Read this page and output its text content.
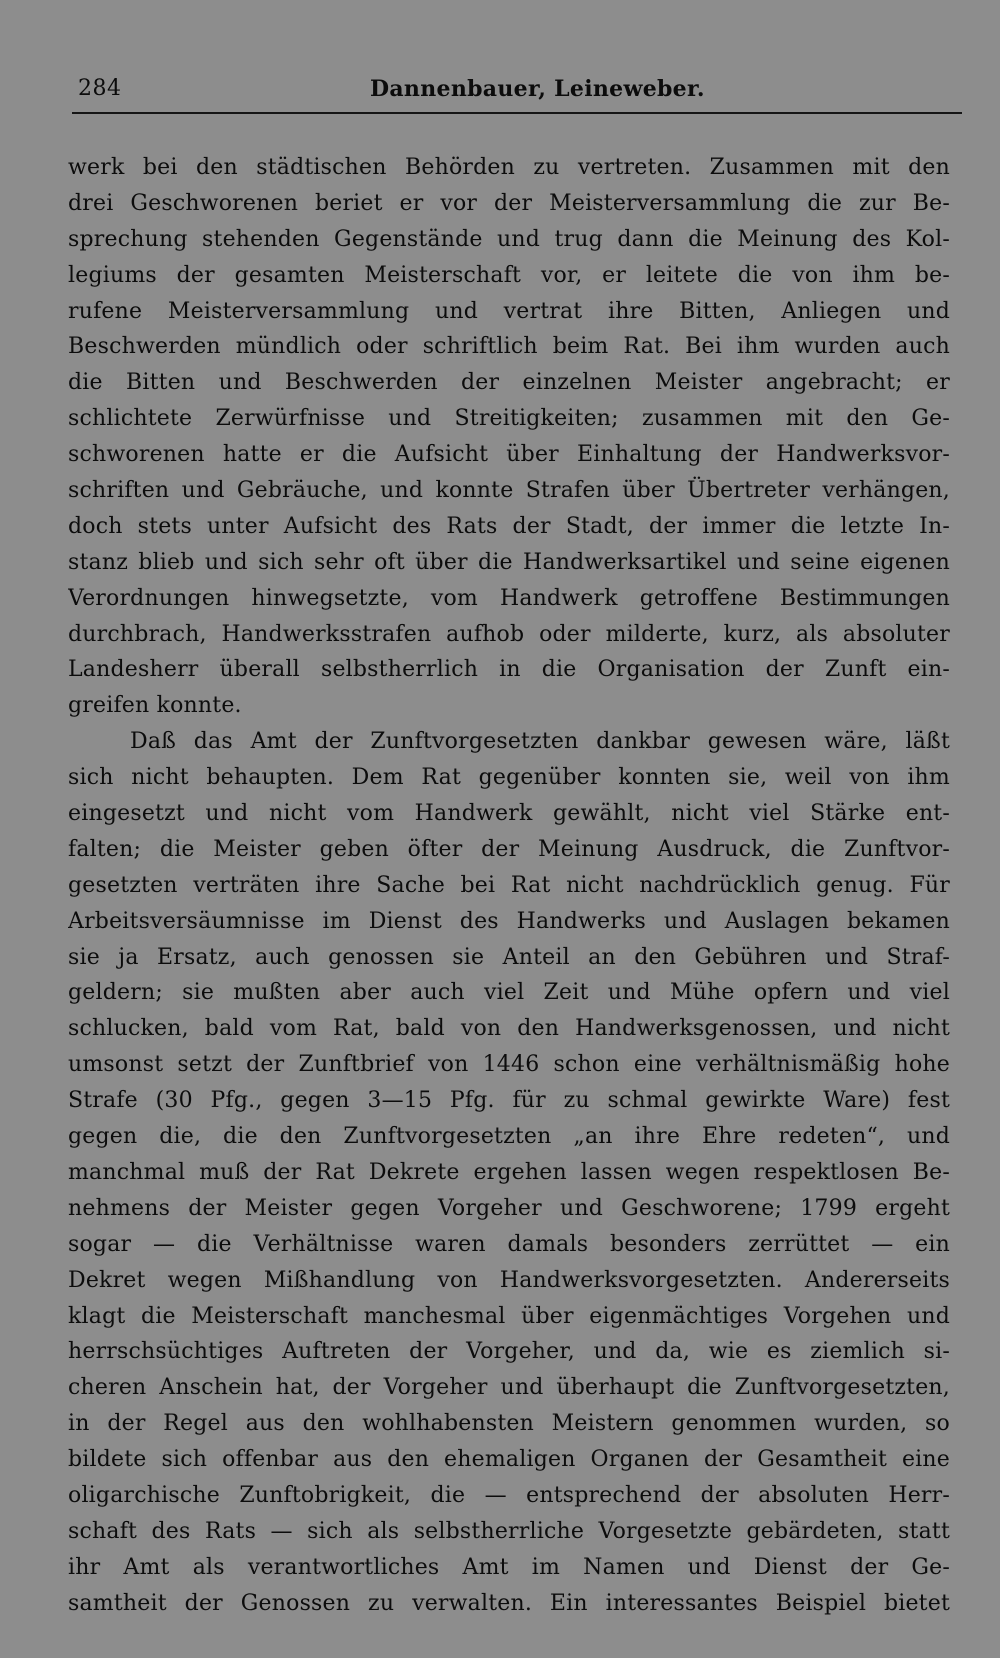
284	Dannenbauer, Leineweber.
werk bei den städtischen Behörden zu vertreten. Zusammen mit den
drei Geschworenen beriet er vor der Meisterversammlung die zur Be-
sprechung stehenden Gegenstände und trug dann die Meinung des Kol-
legiums der gesamten Meisterschaft vor, er leitete die von ihm be-
rufene Meisterversammlung und vertrat ihre Bitten, Anliegen und
Beschwerden mündlich oder schriftlich beim Rat. Bei ihm wurden auch
die Bitten und Beschwerden der einzelnen Meister angebracht; er
schlichtete Zerwürfnisse und Streitigkeiten; zusammen mit den Ge-
schworenen hatte er die Aufsicht über Einhaltung der Handwerksvor-
schriften und Gebräuche, und konnte Strafen über Übertreter verhängen,
doch stets unter Aufsicht des Rats der Stadt, der immer die letzte In-
stanz blieb und sich sehr oft über die Handwerksartikel und seine eigenen
Verordnungen hinwegsetzte, vom Handwerk getroffene Bestimmungen
durchbrach, Handwerksstrafen aufhob oder milderte, kurz, als absoluter
Landesherr überall selbstherrlich in die Organisation der Zunft ein-
greifen konnte.
Daß das Amt der Zunftvorgesetzten dankbar gewesen wäre, läßt
sich nicht behaupten. Dem Rat gegenüber konnten sie, weil von ihm
eingesetzt und nicht vom Handwerk gewählt, nicht viel Stärke ent-
falten; die Meister geben öfter der Meinung Ausdruck, die Zunftvor-
gesetzten verträten ihre Sache bei Rat nicht nachdrücklich genug. Für
Arbeitsversäumnisse im Dienst des Handwerks und Auslagen bekamen
sie ja Ersatz, auch genossen sie Anteil an den Gebühren und Straf-
geldern; sie mußten aber auch viel Zeit und Mühe opfern und viel
schlucken, bald vom Rat, bald von den Handwerksgenossen, und nicht
umsonst setzt der Zunftbrief von 1446 schon eine verhältnismäßig hohe
Strafe (30 Pfg., gegen 3—15 Pfg. für zu schmal gewirkte Ware) fest
gegen die, die den Zunftvorgesetzten „an ihre Ehre redeten“, und
manchmal muß der Rat Dekrete ergehen lassen wegen respektlosen Be-
nehmens der Meister gegen Vorgeher und Geschworene; 1799 ergeht
sogar — die Verhältnisse waren damals besonders zerrüttet — ein
Dekret wegen Mißhandlung von Handwerksvorgesetzten. Andererseits
klagt die Meisterschaft manchesmal über eigenmächtiges Vorgehen und
herrschsüchtiges Auftreten der Vorgeher, und da, wie es ziemlich si-
cheren Anschein hat, der Vorgeher und überhaupt die Zunftvorgesetzten,
in der Regel aus den wohlhabensten Meistern genommen wurden, so
bildete sich offenbar aus den ehemaligen Organen der Gesamtheit eine
oligarchische Zunftobrigkeit, die — entsprechend der absoluten Herr-
schaft des Rats — sich als selbstherrliche Vorgesetzte gebärdeten, statt
ihr Amt als verantwortliches Amt im Namen und Dienst der Ge-
samtheit der Genossen zu verwalten. Ein interessantes Beispiel bietet
